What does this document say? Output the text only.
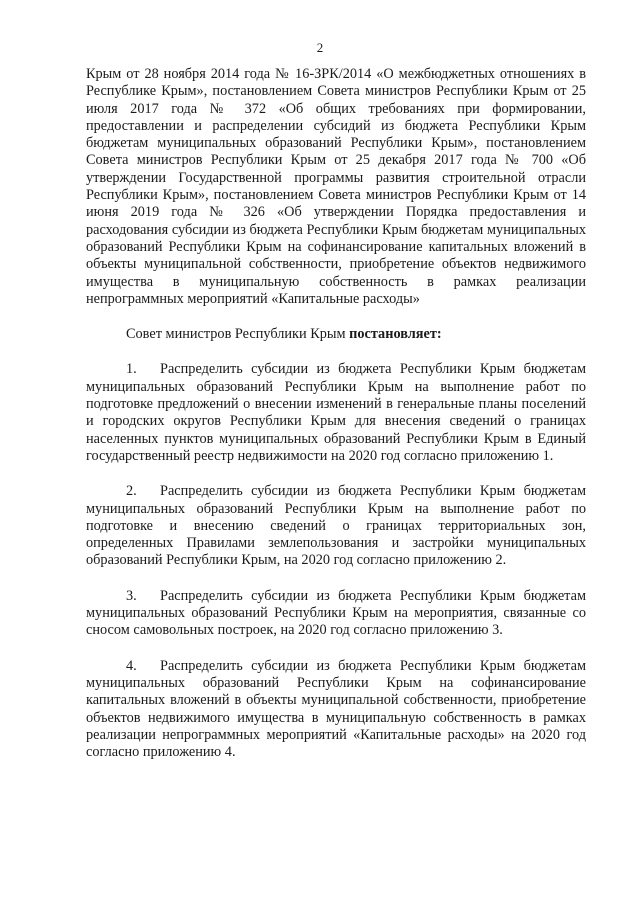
2

Крым от 28 ноября 2014 года № 16-ЗРК/2014 «О межбюджетных отношениях в Республике Крым», постановлением Совета министров Республики Крым от 25 июля 2017 года № 372 «Об общих требованиях при формировании, предоставлении и распределении субсидий из бюджета Республики Крым бюджетам муниципальных образований Республики Крым», постановлением Совета министров Республики Крым от 25 декабря 2017 года № 700 «Об утверждении Государственной программы развития строительной отрасли Республики Крым», постановлением Совета министров Республики Крым от 14 июня 2019 года № 326 «Об утверждении Порядка предоставления и расходования субсидии из бюджета Республики Крым бюджетам муниципальных образований Республики Крым на софинансирование капитальных вложений в объекты муниципальной собственности, приобретение объектов недвижимого имущества в муниципальную собственность в рамках реализации непрограммных мероприятий «Капитальные расходы»

Совет министров Республики Крым постановляет:

1. Распределить субсидии из бюджета Республики Крым бюджетам муниципальных образований Республики Крым на выполнение работ по подготовке предложений о внесении изменений в генеральные планы поселений и городских округов Республики Крым для внесения сведений о границах населенных пунктов муниципальных образований Республики Крым в Единый государственный реестр недвижимости на 2020 год согласно приложению 1.

2. Распределить субсидии из бюджета Республики Крым бюджетам муниципальных образований Республики Крым на выполнение работ по подготовке и внесению сведений о границах территориальных зон, определенных Правилами землепользования и застройки муниципальных образований Республики Крым, на 2020 год согласно приложению 2.

3. Распределить субсидии из бюджета Республики Крым бюджетам муниципальных образований Республики Крым на мероприятия, связанные со сносом самовольных построек, на 2020 год согласно приложению 3.

4. Распределить субсидии из бюджета Республики Крым бюджетам муниципальных образований Республики Крым на софинансирование капитальных вложений в объекты муниципальной собственности, приобретение объектов недвижимого имущества в муниципальную собственность в рамках реализации непрограммных мероприятий «Капитальные расходы» на 2020 год согласно приложению 4.
